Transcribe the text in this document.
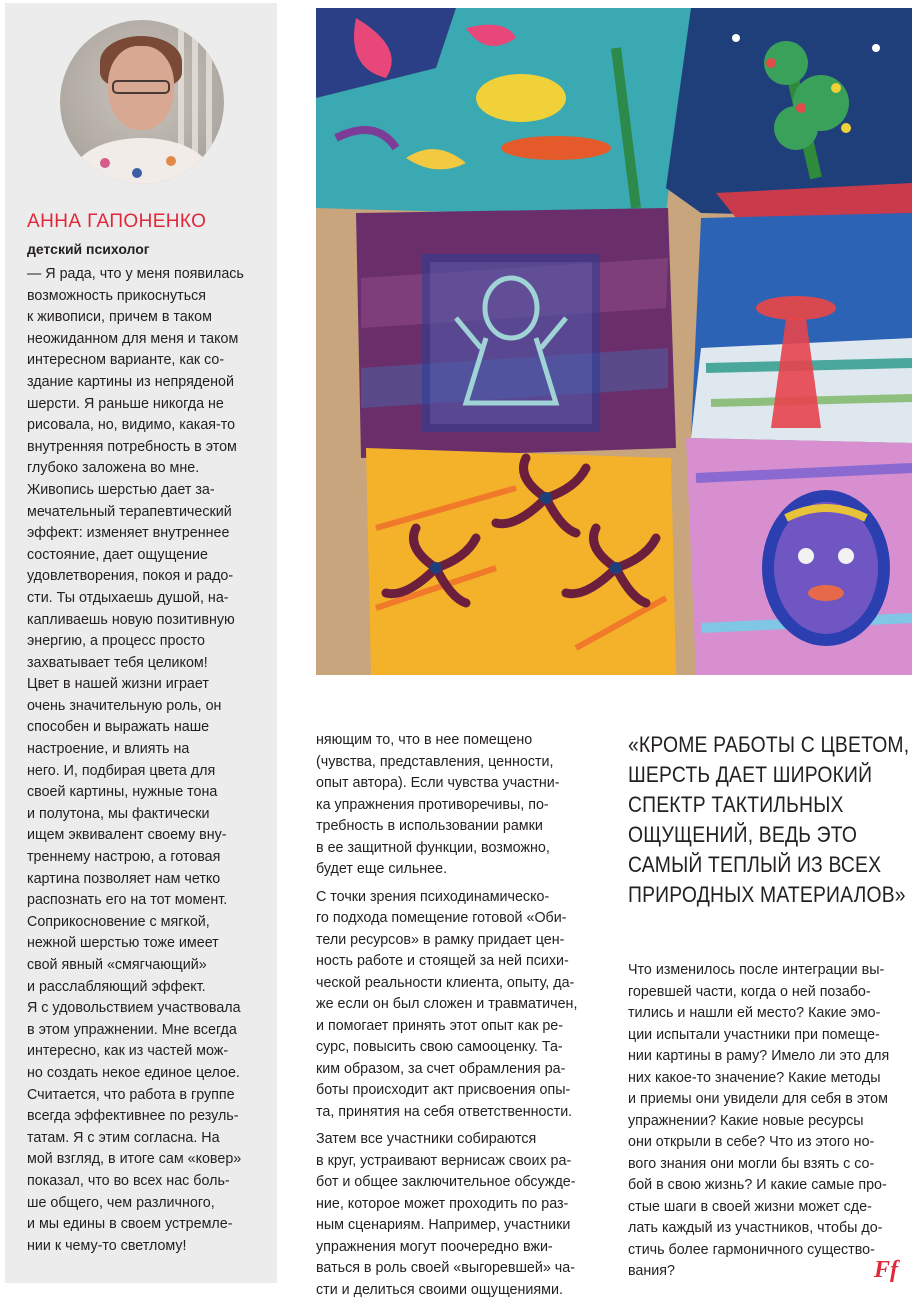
АННА ГАПОНЕНКО
детский психолог
— Я рада, что у меня появилась
возможность прикоснуться
к живописи, причем в таком
неожиданном для меня и таком
интересном варианте, как со-
здание картины из непряденой
шерсти. Я раньше никогда не
рисовала, но, видимо, какая-то
внутренняя потребность в этом
глубоко заложена во мне.
Живопись шерстью дает за-
мечательный терапевтический
эффект: изменяет внутреннее
состояние, дает ощущение
удовлетворения, покоя и радо-
сти. Ты отдыхаешь душой, на-
капливаешь новую позитивную
энергию, а процесс просто
захватывает тебя целиком!
Цвет в нашей жизни играет
очень значительную роль, он
способен и выражать наше
настроение, и влиять на
него. И, подбирая цвета для
своей картины, нужные тона
и полутона, мы фактически
ищем эквивалент своему вну-
треннему настрою, а готовая
картина позволяет нам четко
распознать его на тот момент.
Соприкосновение с мягкой,
нежной шерстью тоже имеет
свой явный «смягчающий»
и расслабляющий эффект.
Я с удовольствием участвовала
в этом упражнении. Мне всегда
интересно, как из частей мож-
но создать некое единое целое.
Считается, что работа в группе
всегда эффективнее по резуль-
татам. Я с этим согласна. На
мой взгляд, в итоге сам «ковер»
показал, что во всех нас боль-
ше общего, чем различного,
и мы едины в своем устремле-
нии к чему-то светлому!
няющим то, что в нее помещено
(чувства, представления, ценности,
опыт автора). Если чувства участни-
ка упражнения противоречивы, по-
требность в использовании рамки
в ее защитной функции, возможно,
будет еще сильнее.
С точки зрения психодинамическо-
го подхода помещение готовой «Оби-
тели ресурсов» в рамку придает цен-
ность работе и стоящей за ней психи-
ческой реальности клиента, опыту, да-
же если он был сложен и травматичен,
и помогает принять этот опыт как ре-
сурс, повысить свою самооценку. Та-
ким образом, за счет обрамления ра-
боты происходит акт присвоения опы-
та, принятия на себя ответственности.
Затем все участники собираются
в круг, устраивают вернисаж своих ра-
бот и общее заключительное обсужде-
ние, которое может проходить по раз-
ным сценариям. Например, участники
упражнения могут поочередно вжи-
ваться в роль своей «выгоревшей» ча-
сти и делиться своими ощущениями.
«КРОМЕ РАБОТЫ С ЦВЕТОМ,
ШЕРСТЬ ДАЕТ ШИРОКИЙ
СПЕКТР ТАКТИЛЬНЫХ
ОЩУЩЕНИЙ, ВЕДЬ ЭТО
САМЫЙ ТЕПЛЫЙ ИЗ ВСЕХ
ПРИРОДНЫХ МАТЕРИАЛОВ»
Что изменилось после интеграции вы-
горевшей части, когда о ней позабо-
тились и нашли ей место? Какие эмо-
ции испытали участники при помеще-
нии картины в раму? Имело ли это для
них какое-то значение? Какие методы
и приемы они увидели для себя в этом
упражнении? Какие новые ресурсы
они открыли в себе? Что из этого но-
вого знания они могли бы взять с со-
бой в свою жизнь? И какие самые про-
стые шаги в своей жизни может сде-
лать каждый из участников, чтобы до-
стичь более гармоничного существо-
вания?	Ff
